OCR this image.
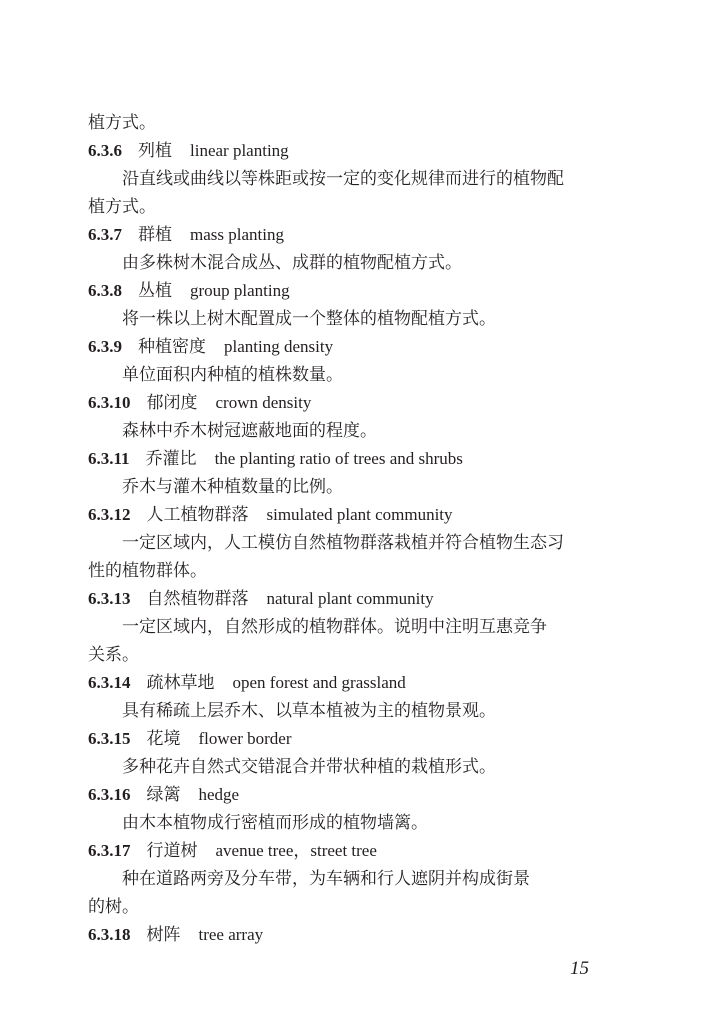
植方式。
6.3.6 列植 linear planting
沿直线或曲线以等株距或按一定的变化规律而进行的植物配
植方式。
6.3.7 群植 mass planting
由多株树木混合成丛、成群的植物配植方式。
6.3.8 丛植 group planting
将一株以上树木配置成一个整体的植物配植方式。
6.3.9 种植密度 planting density
单位面积内种植的植株数量。
6.3.10 郁闭度 crown density
森林中乔木树冠遮蔽地面的程度。
6.3.11 乔灌比 the planting ratio of trees and shrubs
乔木与灌木种植数量的比例。
6.3.12 人工植物群落 simulated plant community
一定区域内，人工模仿自然植物群落栽植并符合植物生态习
性的植物群体。
6.3.13 自然植物群落 natural plant community
一定区域内，自然形成的植物群体。说明中注明互惠竞争
关系。
6.3.14 疏林草地 open forest and grassland
具有稀疏上层乔木、以草本植被为主的植物景观。
6.3.15 花境 flower border
多种花卉自然式交错混合并带状种植的栽植形式。
6.3.16 绿篱 hedge
由木本植物成行密植而形成的植物墙篱。
6.3.17 行道树 avenue tree，street tree
种在道路两旁及分车带，为车辆和行人遮阴并构成街景
的树。
6.3.18 树阵 tree array
15
